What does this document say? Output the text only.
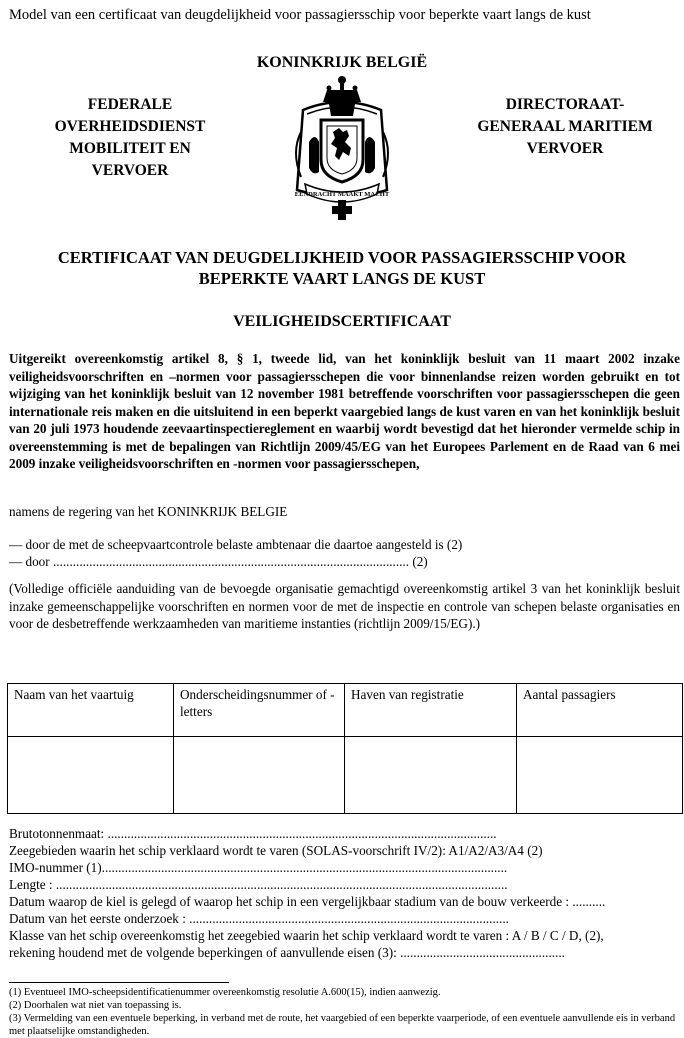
Model van een certificaat van deugdelijkheid voor passagiersschip voor beperkte vaart langs de kust
KONINKRIJK BELGIË
FEDERALE
OVERHEIDSDIENST
MOBILITEIT EN
VERVOER
DIRECTORAAT-
GENERAAL MARITIEM
VERVOER
EENDRACHT MAAKT MACHT
CERTIFICAAT VAN DEUGDELIJKHEID VOOR PASSAGIERSSCHIP VOOR
BEPERKTE VAART LANGS DE KUST
VEILIGHEIDSCERTIFICAAT
Uitgereikt overeenkomstig artikel 8, § 1, tweede lid, van het koninklijk besluit van 11 maart 2002 inzake veiligheidsvoorschriften en –normen voor passagiersschepen die voor binnenlandse reizen worden gebruikt en tot wijziging van het koninklijk besluit van 12 november 1981 betreffende voorschriften voor passagiersschepen die geen internationale reis maken en die uitsluitend in een beperkt vaargebied langs de kust varen en van het koninklijk besluit van 20 juli 1973 houdende zeevaartinspectiereglement en waarbij wordt bevestigd dat het hieronder vermelde schip in overeenstemming is met de bepalingen van Richtlijn 2009/45/EG van het Europees Parlement en de Raad van 6 mei 2009 inzake veiligheidsvoorschriften en -normen voor passagiersschepen,
namens de regering van het KONINKRIJK BELGIE
— door de met de scheepvaartcontrole belaste ambtenaar die daartoe aangesteld is (2)
— door ............................................................................................................ (2)
(Volledige officiële aanduiding van de bevoegde organisatie gemachtigd overeenkomstig artikel 3 van het koninklijk besluit inzake gemeenschappelijke voorschriften en normen voor de met de inspectie en controle van schepen belaste organisaties en voor de desbetreffende werkzaamheden van maritieme instanties (richtlijn 2009/15/EG).)
Naam van het vaartuig	Onderscheidingsnummer of -letters	Haven van registratie	Aantal passagiers

Brutotonnenmaat: ......................................................................................................................
Zeegebieden waarin het schip verklaard wordt te varen (SOLAS-voorschrift IV/2): A1/A2/A3/A4 (2)
IMO-nummer (1)...........................................................................................................................
Lengte : .........................................................................................................................................
Datum waarop de kiel is gelegd of waarop het schip in een vergelijkbaar stadium van de bouw verkeerde : ..........
Datum van het eerste onderzoek : .................................................................................................
Klasse van het schip overeenkomstig het zeegebied waarin het schip verklaard wordt te varen : A / B / C / D, (2),
rekening houdend met de volgende beperkingen of aanvullende eisen (3): ..................................................
(1) Eventueel IMO-scheepsidentificatienummer overeenkomstig resolutie A.600(15), indien aanwezig.
(2) Doorhalen wat niet van toepassing is.
(3) Vermelding van een eventuele beperking, in verband met de route, het vaargebied of een beperkte vaarperiode, of een eventuele aanvullende eis in verband met plaatselijke omstandigheden.
